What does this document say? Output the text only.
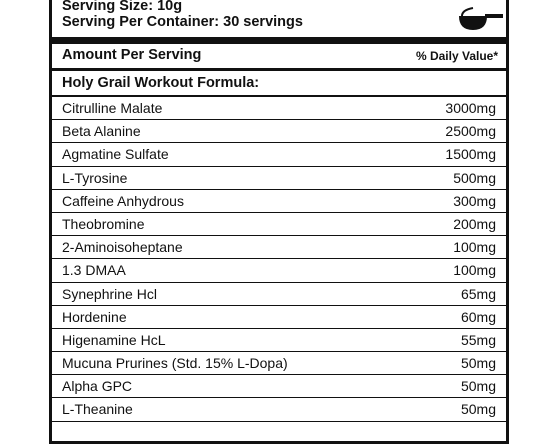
Serving Size: 10g
Serving Per Container: 30 servings
Amount Per Serving	% Daily Value*
Holy Grail Workout Formula:
Citrulline Malate	3000mg
Beta Alanine	2500mg
Agmatine Sulfate	1500mg
L-Tyrosine	500mg
Caffeine Anhydrous	300mg
Theobromine	200mg
2-Aminoisoheptane	100mg
1.3 DMAA	100mg
Synephrine Hcl	65mg
Hordenine	60mg
Higenamine HcL	55mg
Mucuna Prurines (Std. 15% L-Dopa)	50mg
Alpha GPC	50mg
L-Theanine	50mg
